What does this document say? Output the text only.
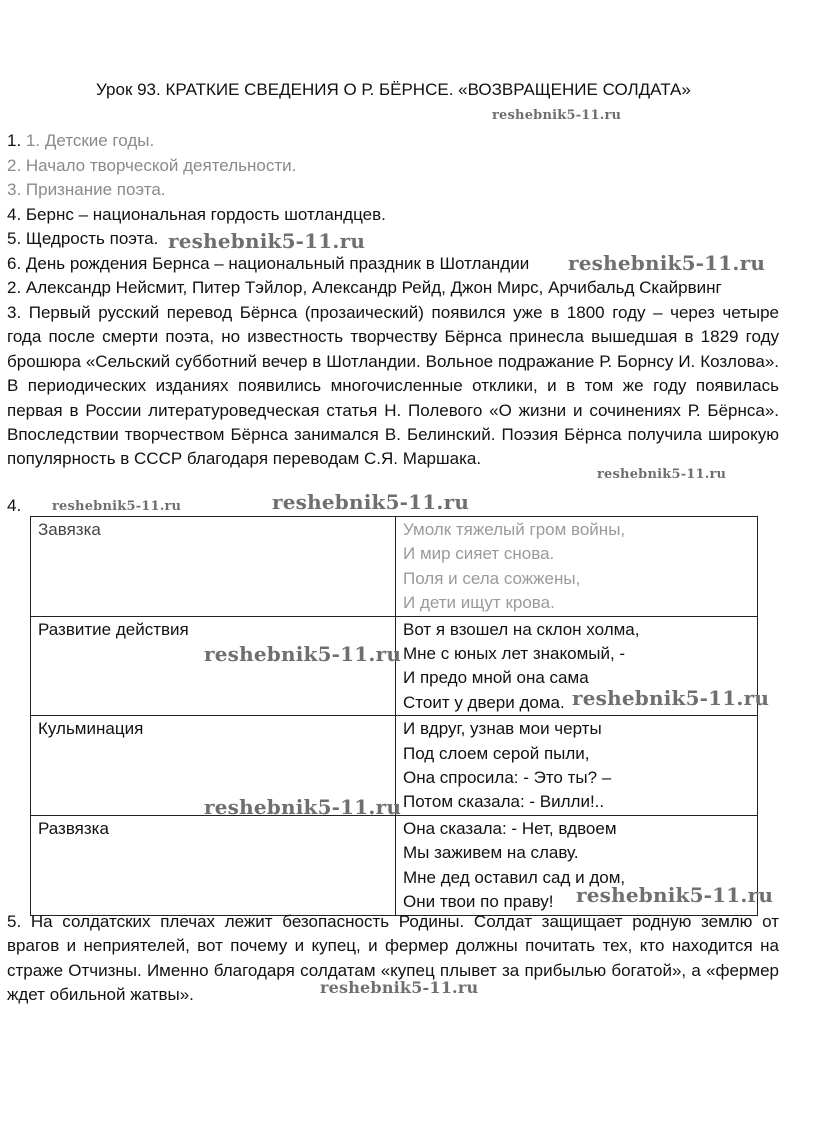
Урок 93. КРАТКИЕ СВЕДЕНИЯ О Р. БЁРНСЕ. «ВОЗВРАЩЕНИЕ СОЛДАТА»
1. 1. Детские годы.
2. Начало творческой деятельности.
3. Признание поэта.
4. Бернс – национальная гордость шотландцев.
5. Щедрость поэта.
6. День рождения Бернса – национальный праздник в Шотландии
2. Александр Нейсмит, Питер Тэйлор, Александр Рейд, Джон Мирс, Арчибальд Скайрвинг
3. Первый русский перевод Бёрнса (прозаический) появился уже в 1800 году – через четыре года после смерти поэта, но известность творчеству Бёрнса принесла вышедшая в 1829 году брошюра «Сельский субботний вечер в Шотландии. Вольное подражание Р. Борнсу И. Козлова». В периодических изданиях появились многочисленные отклики, и в том же году появилась первая в России литературоведческая статья Н. Полевого «О жизни и сочинениях Р. Бёрнса». Впоследствии творчеством Бёрнса занимался В. Белинский. Поэзия Бёрнса получила широкую популярность в СССР благодаря переводам С.Я. Маршака.
4.
Завязка	Умолк тяжелый гром войны,
И мир сияет снова.
Поля и села сожжены,
И дети ищут крова.

Развитие действия	Вот я взошел на склон холма,
Мне с юных лет знакомый, -
И предо мной она сама
Стоит у двери дома.

Кульминация	И вдруг, узнав мои черты
Под слоем серой пыли,
Она спросила: - Это ты? –
Потом сказала: - Вилли!..

Развязка	Она сказала: - Нет, вдвоем
Мы заживем на славу.
Мне дед оставил сад и дом,
Они твои по праву!
5. На солдатских плечах лежит безопасность Родины. Солдат защищает родную землю от врагов и неприятелей, вот почему и купец, и фермер должны почитать тех, кто находится на страже Отчизны. Именно благодаря солдатам «купец плывет за прибылью богатой», а «фермер ждет обильной жатвы».
reshebnik5-11.ru
reshebnik5-11.ru
reshebnik5-11.ru
reshebnik5-11.ru
reshebnik5-11.ru	reshebnik5-11.ru
reshebnik5-11.ru
reshebnik5-11.ru
reshebnik5-11.ru
reshebnik5-11.ru
reshebnik5-11.ru
